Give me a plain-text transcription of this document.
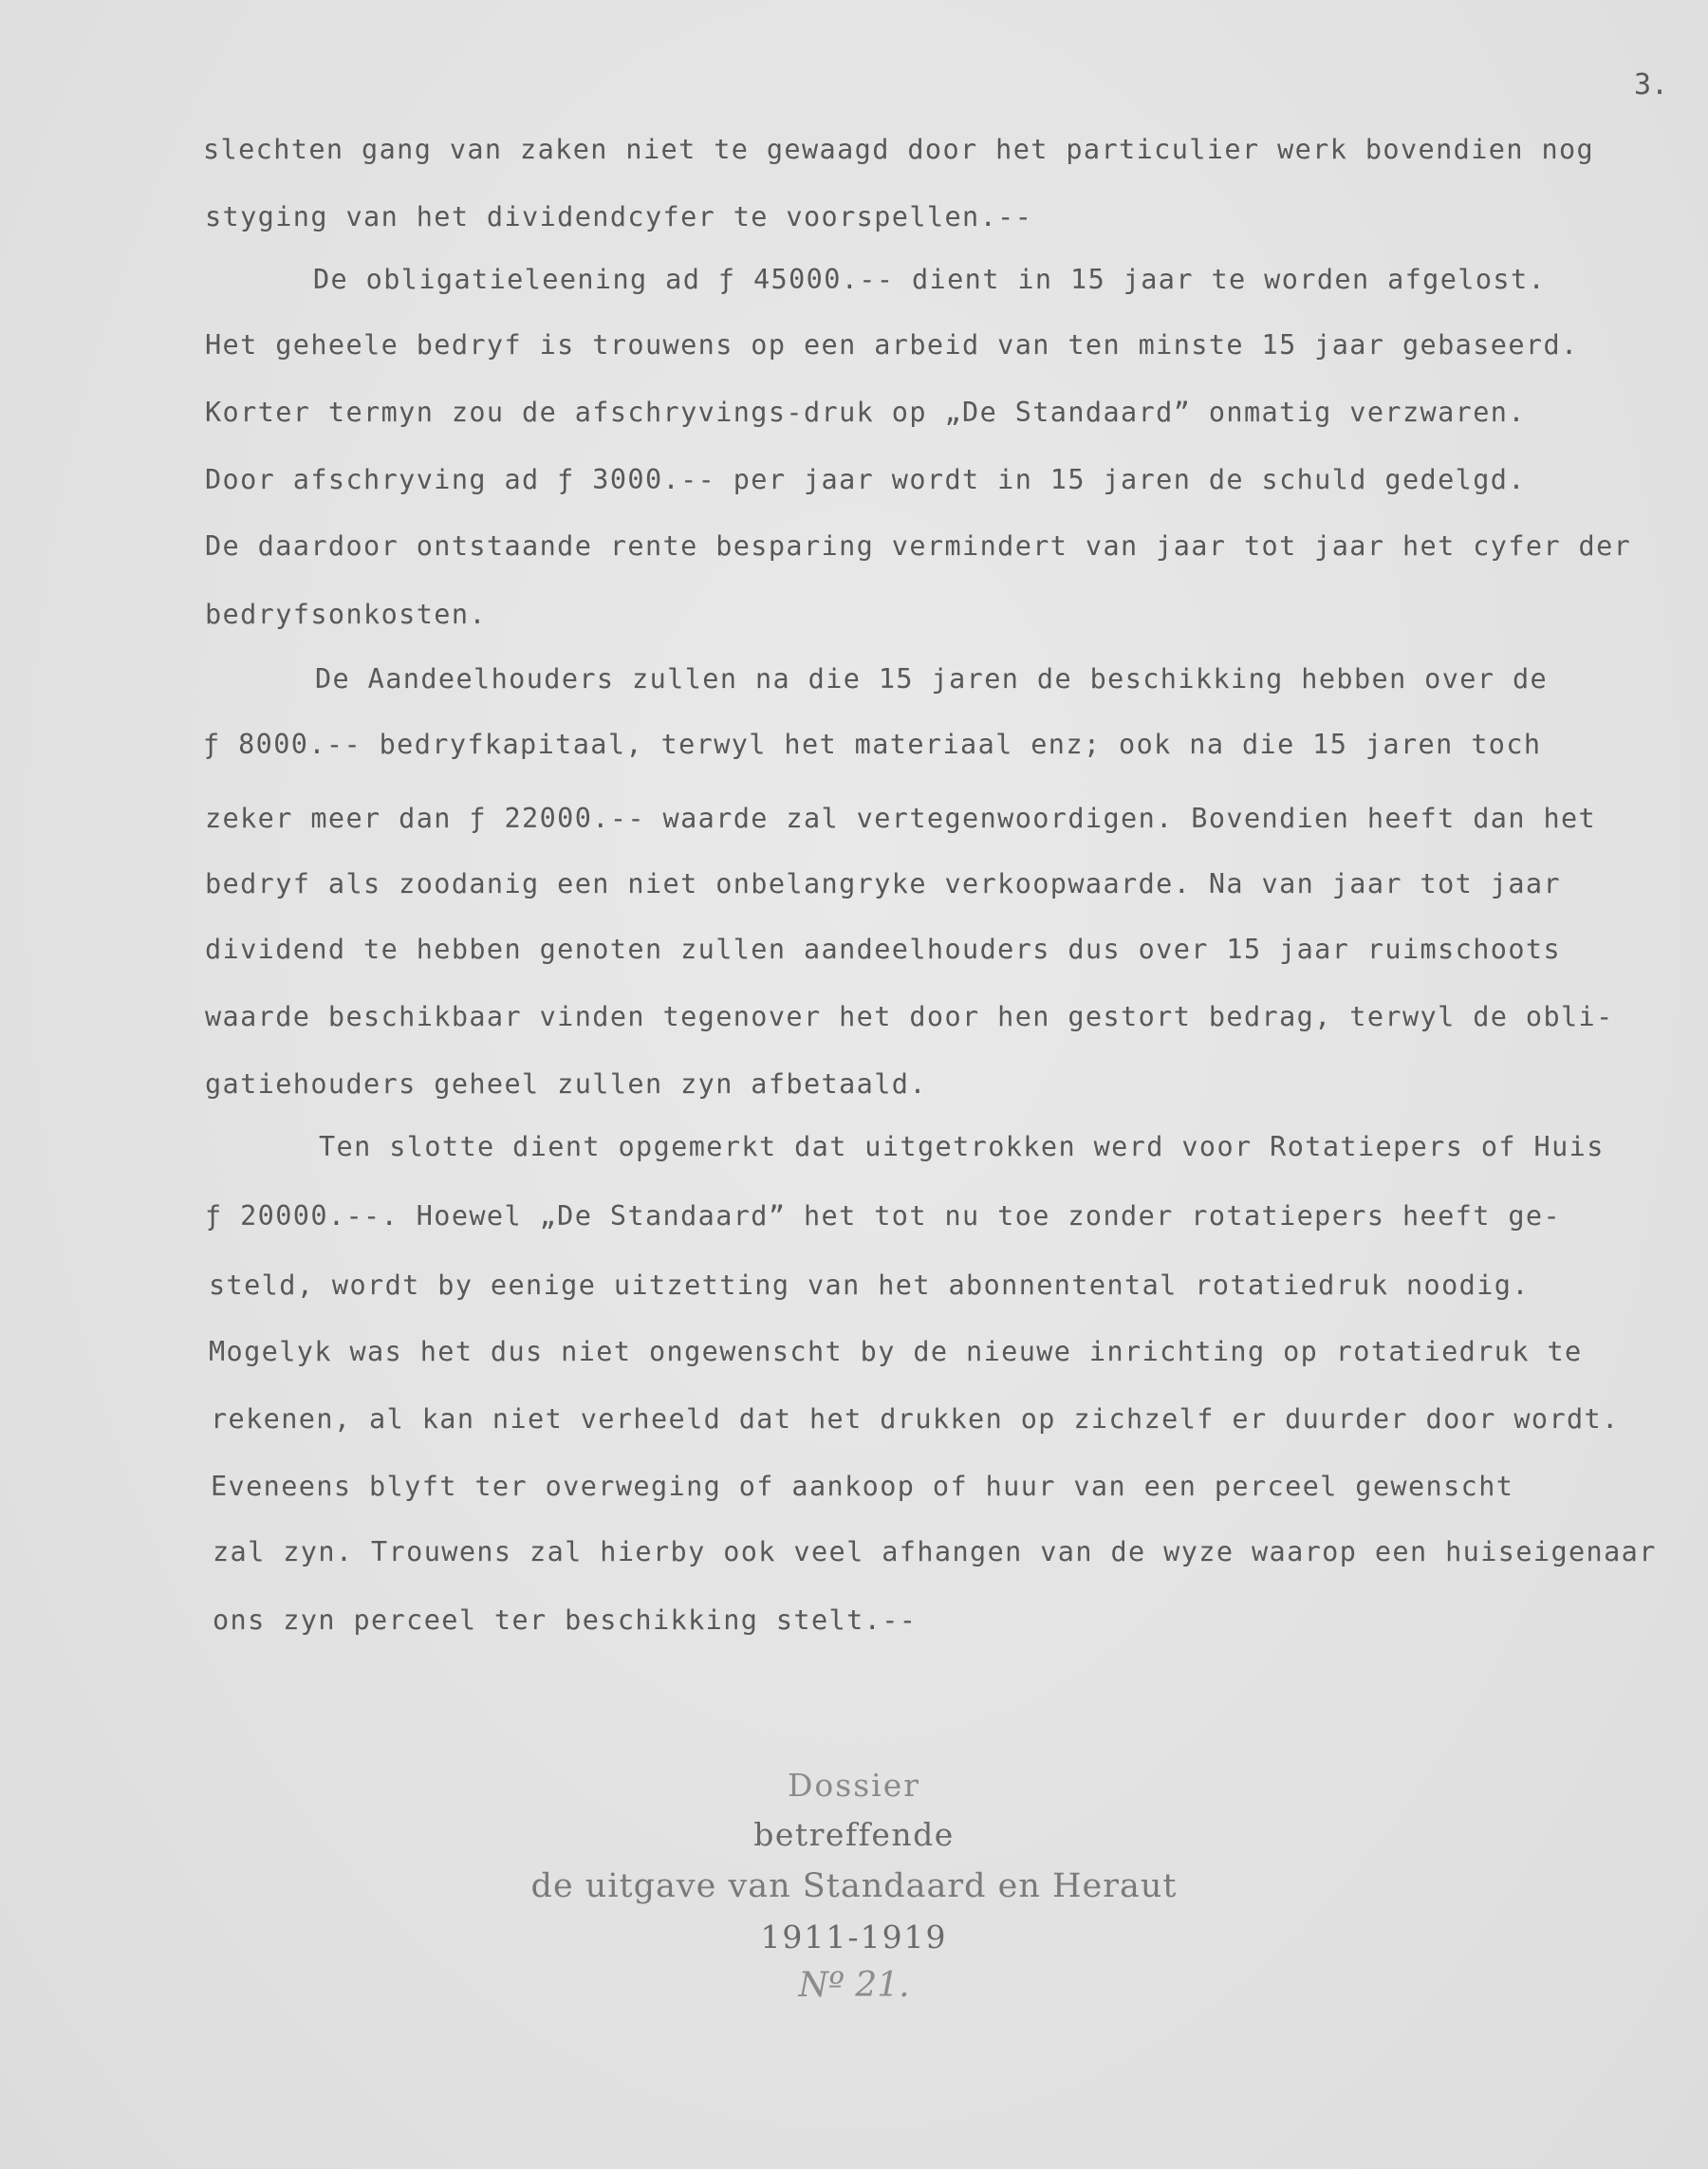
3.
slechten gang van zaken niet te gewaagd door het particulier werk bovendien nog
styging van het dividendcyfer te voorspellen.--
De obligatieleening ad ƒ 45000.-- dient in 15 jaar te worden afgelost.
Het geheele bedryf is trouwens op een arbeid van ten minste 15 jaar gebaseerd.
Korter termyn zou de afschryvings-druk op „De Standaard” onmatig verzwaren.
Door afschryving ad ƒ 3000.-- per jaar wordt in 15 jaren de schuld gedelgd.
De daardoor ontstaande rente besparing vermindert van jaar tot jaar het cyfer der
bedryfsonkosten.
De Aandeelhouders zullen na die 15 jaren de beschikking hebben over de
ƒ 8000.-- bedryfkapitaal, terwyl het materiaal enz; ook na die 15 jaren toch
zeker meer dan ƒ 22000.-- waarde zal vertegenwoordigen. Bovendien heeft dan het
bedryf als zoodanig een niet onbelangryke verkoopwaarde. Na van jaar tot jaar
dividend te hebben genoten zullen aandeelhouders dus over 15 jaar ruimschoots
waarde beschikbaar vinden tegenover het door hen gestort bedrag, terwyl de obli-
gatiehouders geheel zullen zyn afbetaald.
Ten slotte dient opgemerkt dat uitgetrokken werd voor Rotatiepers of Huis
ƒ 20000.--. Hoewel „De Standaard” het tot nu toe zonder rotatiepers heeft ge-
steld, wordt by eenige uitzetting van het abonnentental rotatiedruk noodig.
Mogelyk was het dus niet ongewenscht by de nieuwe inrichting op rotatiedruk te
rekenen, al kan niet verheeld dat het drukken op zichzelf er duurder door wordt.
Eveneens blyft ter overweging of aankoop of huur van een perceel gewenscht
zal zyn. Trouwens zal hierby ook veel afhangen van de wyze waarop een huiseigenaar
ons zyn perceel ter beschikking stelt.--
Dossier
betreffende
de uitgave van Standaard en Heraut
1911-1919
Nº 21.
